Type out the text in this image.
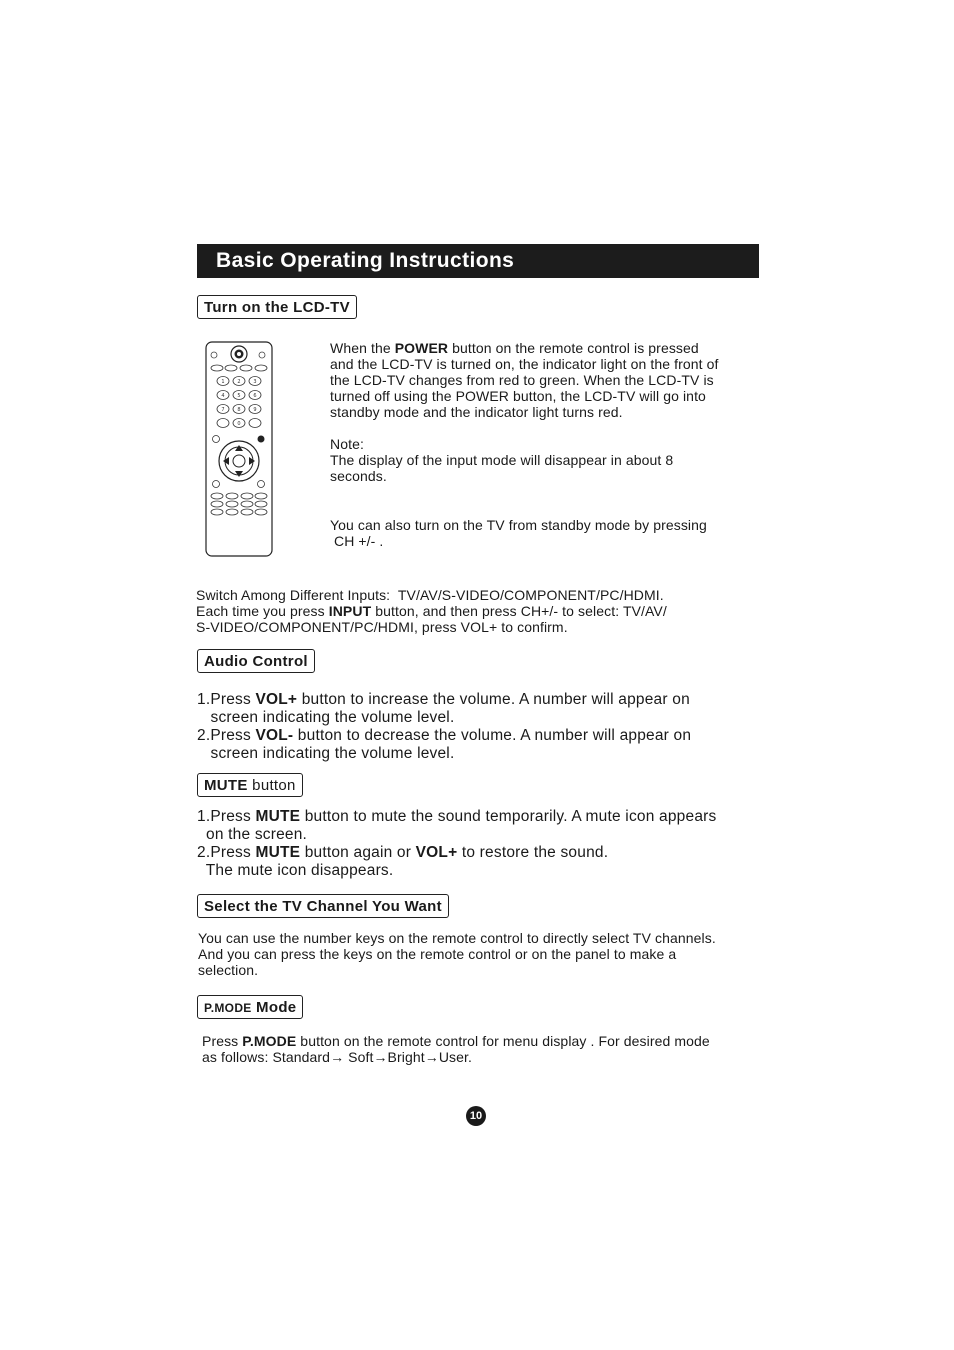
Basic Operating Instructions
Turn on the LCD-TV
1	2	3
4	5	6
7	8	9
0
When the POWER button on the remote control is pressed
and the LCD-TV is turned on, the indicator light on the front of
the LCD-TV changes from red to green. When the LCD-TV is
turned off using the POWER button, the LCD-TV will go into
standby mode and the indicator light turns red.
Note:
The display of the input mode will disappear in about 8
seconds.
You can also turn on the TV from standby mode by pressing
CH +/- .
Switch Among Different Inputs:  TV/AV/S-VIDEO/COMPONENT/PC/HDMI.
Each time you press INPUT button, and then press CH+/- to select: TV/AV/
S-VIDEO/COMPONENT/PC/HDMI, press VOL+ to confirm.
Audio Control
1.Press VOL+ button to increase the volume. A number will appear on
screen indicating the volume level.
2.Press VOL- button to decrease the volume. A number will appear on
screen indicating the volume level.
MUTE button
1.Press MUTE button to mute the sound temporarily. A mute icon appears
on the screen.
2.Press MUTE button again or VOL+ to restore the sound.
The mute icon disappears.
Select the TV Channel You Want
You can use the number keys on the remote control to directly select TV channels.
And you can press the keys on the remote control or on the panel to make a
selection.
P.MODE Mode
Press P.MODE button on the remote control for menu display . For desired mode
as follows: Standard→ Soft→Bright→User.
10
